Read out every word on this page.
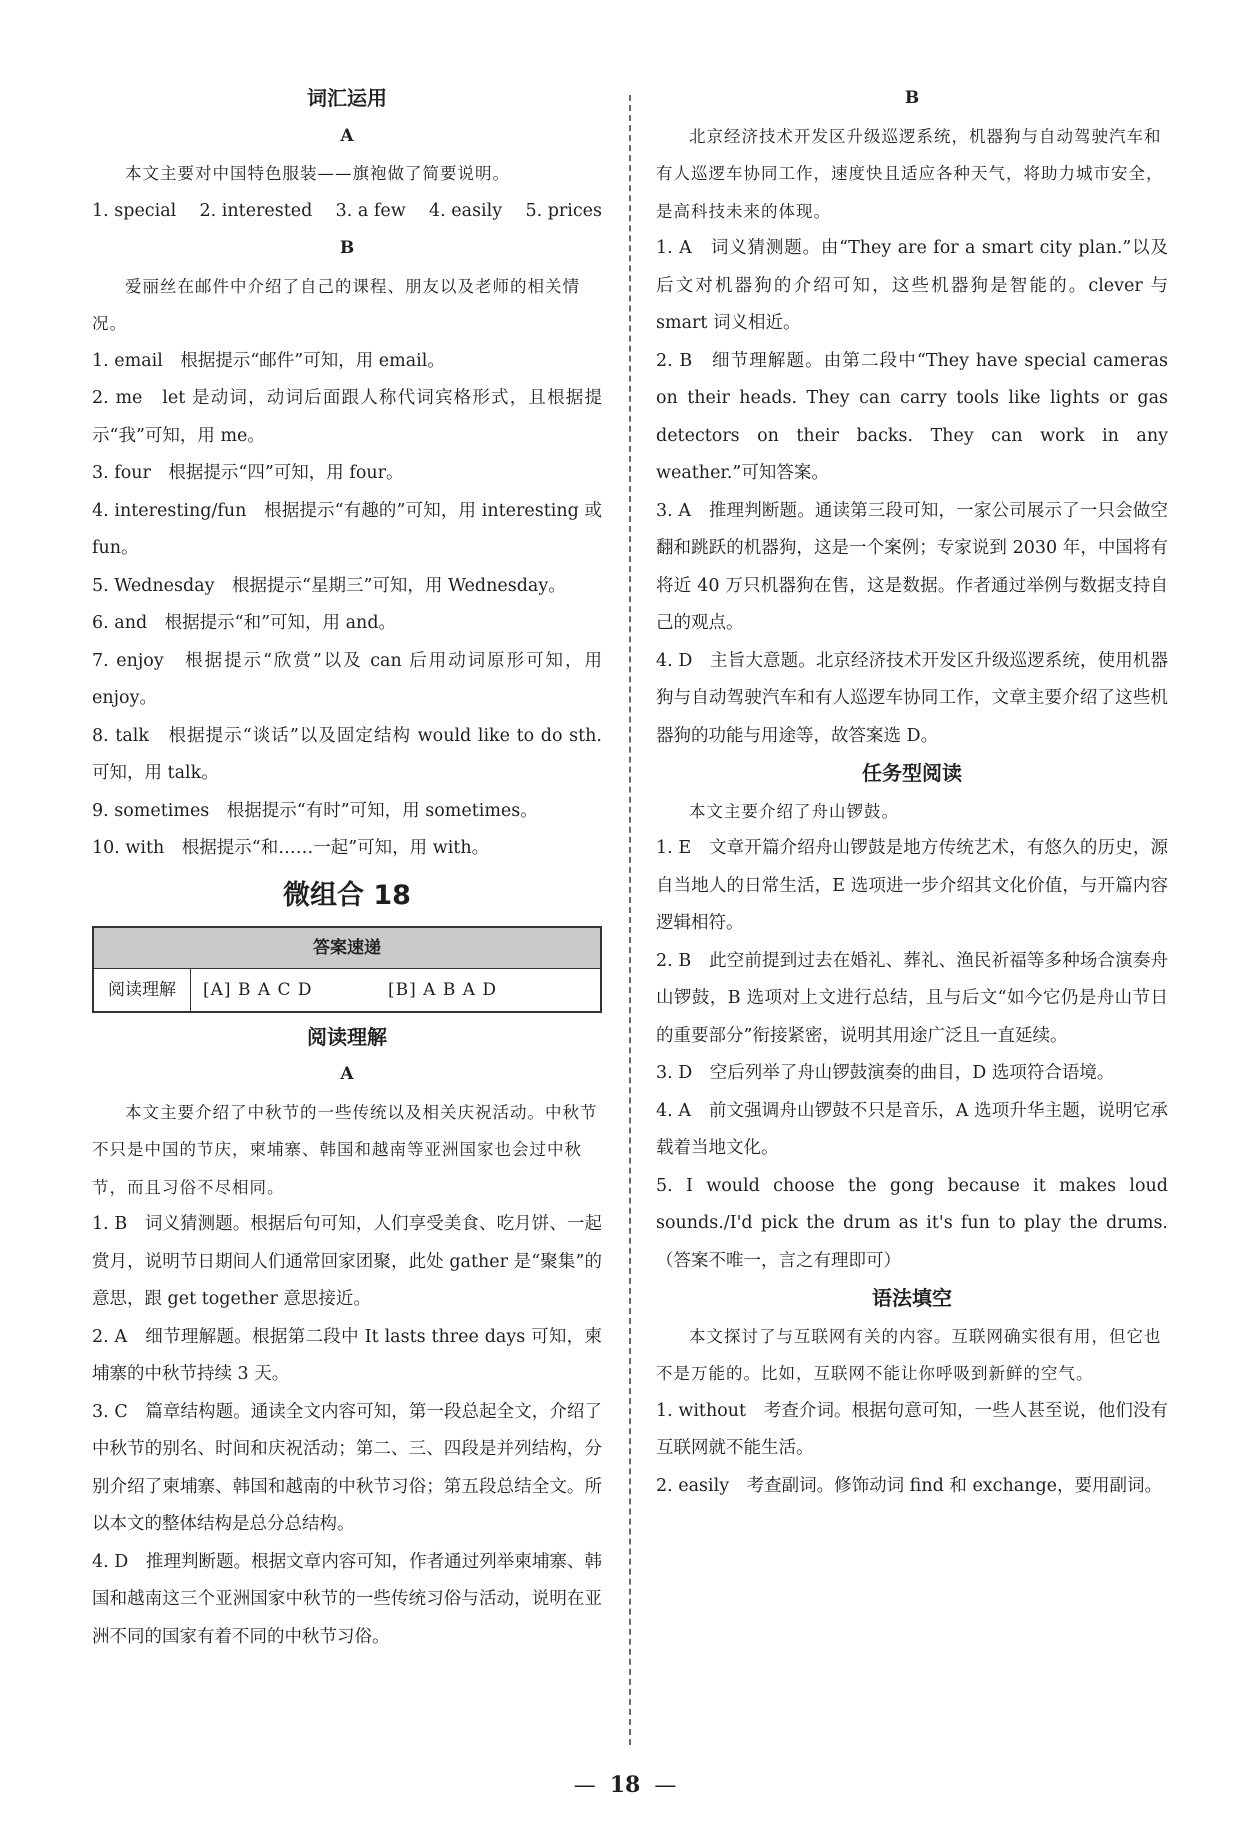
词汇运用
A
本文主要对中国特色服装——旗袍做了简要说明。
1. special 2. interested 3. a few 4. easily 5. prices
B
爱丽丝在邮件中介绍了自己的课程、朋友以及老师的相关情况。
1. email　根据提示“邮件”可知，用 email。
2. me　let 是动词，动词后面跟人称代词宾格形式，且根据提示“我”可知，用 me。
3. four　根据提示“四”可知，用 four。
4. interesting/fun　根据提示“有趣的”可知，用 interesting 或 fun。
5. Wednesday　根据提示“星期三”可知，用 Wednesday。
6. and　根据提示“和”可知，用 and。
7. enjoy　根据提示“欣赏”以及 can 后用动词原形可知，用 enjoy。
8. talk　根据提示“谈话”以及固定结构 would like to do sth. 可知，用 talk。
9. sometimes　根据提示“有时”可知，用 sometimes。
10. with　根据提示“和……一起”可知，用 with。
微组合 18
答案速递
阅读理解	[A] B A C D	[B] A B A D
阅读理解
A
本文主要介绍了中秋节的一些传统以及相关庆祝活动。中秋节不只是中国的节庆，柬埔寨、韩国和越南等亚洲国家也会过中秋节，而且习俗不尽相同。
1. B　词义猜测题。根据后句可知，人们享受美食、吃月饼、一起赏月，说明节日期间人们通常回家团聚，此处 gather 是“聚集”的意思，跟 get together 意思接近。
2. A　细节理解题。根据第二段中 It lasts three days 可知，柬埔寨的中秋节持续 3 天。
3. C　篇章结构题。通读全文内容可知，第一段总起全文，介绍了中秋节的别名、时间和庆祝活动；第二、三、四段是并列结构，分别介绍了柬埔寨、韩国和越南的中秋节习俗；第五段总结全文。所以本文的整体结构是总分总结构。
4. D　推理判断题。根据文章内容可知，作者通过列举柬埔寨、韩国和越南这三个亚洲国家中秋节的一些传统习俗与活动，说明在亚洲不同的国家有着不同的中秋节习俗。
B
北京经济技术开发区升级巡逻系统，机器狗与自动驾驶汽车和有人巡逻车协同工作，速度快且适应各种天气，将助力城市安全，是高科技未来的体现。
1. A　词义猜测题。由“They are for a smart city plan.”以及后文对机器狗的介绍可知，这些机器狗是智能的。clever 与 smart 词义相近。
2. B　细节理解题。由第二段中“They have special cameras on their heads. They can carry tools like lights or gas detectors on their backs. They can work in any weather.”可知答案。
3. A　推理判断题。通读第三段可知，一家公司展示了一只会做空翻和跳跃的机器狗，这是一个案例；专家说到 2030 年，中国将有将近 40 万只机器狗在售，这是数据。作者通过举例与数据支持自己的观点。
4. D　主旨大意题。北京经济技术开发区升级巡逻系统，使用机器狗与自动驾驶汽车和有人巡逻车协同工作，文章主要介绍了这些机器狗的功能与用途等，故答案选 D。
任务型阅读
本文主要介绍了舟山锣鼓。
1. E　文章开篇介绍舟山锣鼓是地方传统艺术，有悠久的历史，源自当地人的日常生活，E 选项进一步介绍其文化价值，与开篇内容逻辑相符。
2. B　此空前提到过去在婚礼、葬礼、渔民祈福等多种场合演奏舟山锣鼓，B 选项对上文进行总结，且与后文“如今它仍是舟山节日的重要部分”衔接紧密，说明其用途广泛且一直延续。
3. D　空后列举了舟山锣鼓演奏的曲目，D 选项符合语境。
4. A　前文强调舟山锣鼓不只是音乐，A 选项升华主题，说明它承载着当地文化。
5. I would choose the gong because it makes loud sounds./I'd pick the drum as it's fun to play the drums.（答案不唯一，言之有理即可）
语法填空
本文探讨了与互联网有关的内容。互联网确实很有用，但它也不是万能的。比如，互联网不能让你呼吸到新鲜的空气。
1. without　考查介词。根据句意可知，一些人甚至说，他们没有互联网就不能生活。
2. easily　考查副词。修饰动词 find 和 exchange，要用副词。
— 18 —
